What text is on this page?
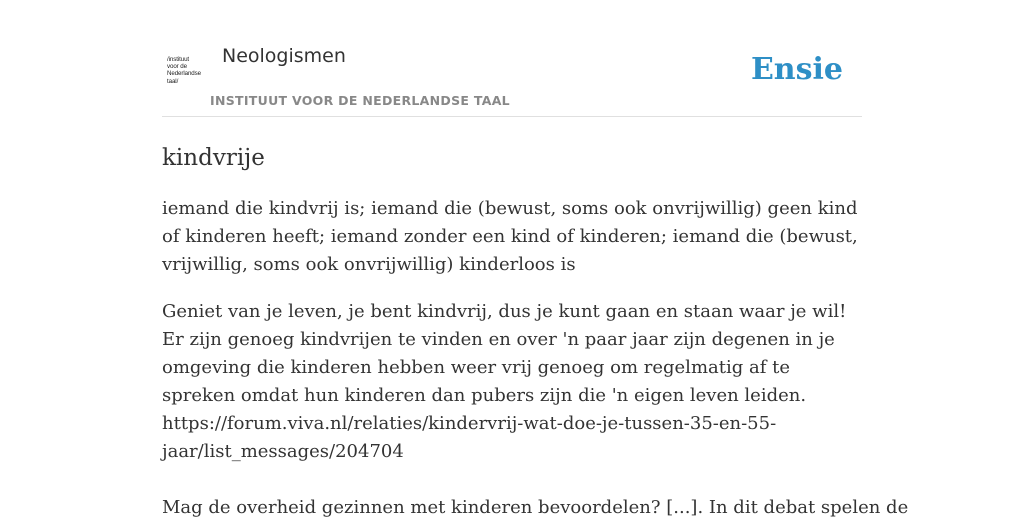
/instituut
voor de
Nederlandse
taal/
Neologismen
INSTITUUT VOOR DE NEDERLANDSE TAAL
Ensie
kindvrije

iemand die kindvrij is; iemand die (bewust, soms ook onvrijwillig) geen kind of kinderen heeft; iemand zonder een kind of kinderen; iemand die (bewust, vrijwillig, soms ook onvrijwillig) kinderloos is

Geniet van je leven, je bent kindvrij, dus je kunt gaan en staan waar je wil! Er zijn genoeg kindvrijen te vinden en over 'n paar jaar zijn degenen in je omgeving die kinderen hebben weer vrij genoeg om regelmatig af te spreken omdat hun kinderen dan pubers zijn die 'n eigen leven leiden.
https://forum.viva.nl/relaties/kindervrij-wat-doe-je-tussen-35-en-55-jaar/list_messages/204704

Mag de overheid gezinnen met kinderen bevoordelen? [...]. In dit debat spelen de
